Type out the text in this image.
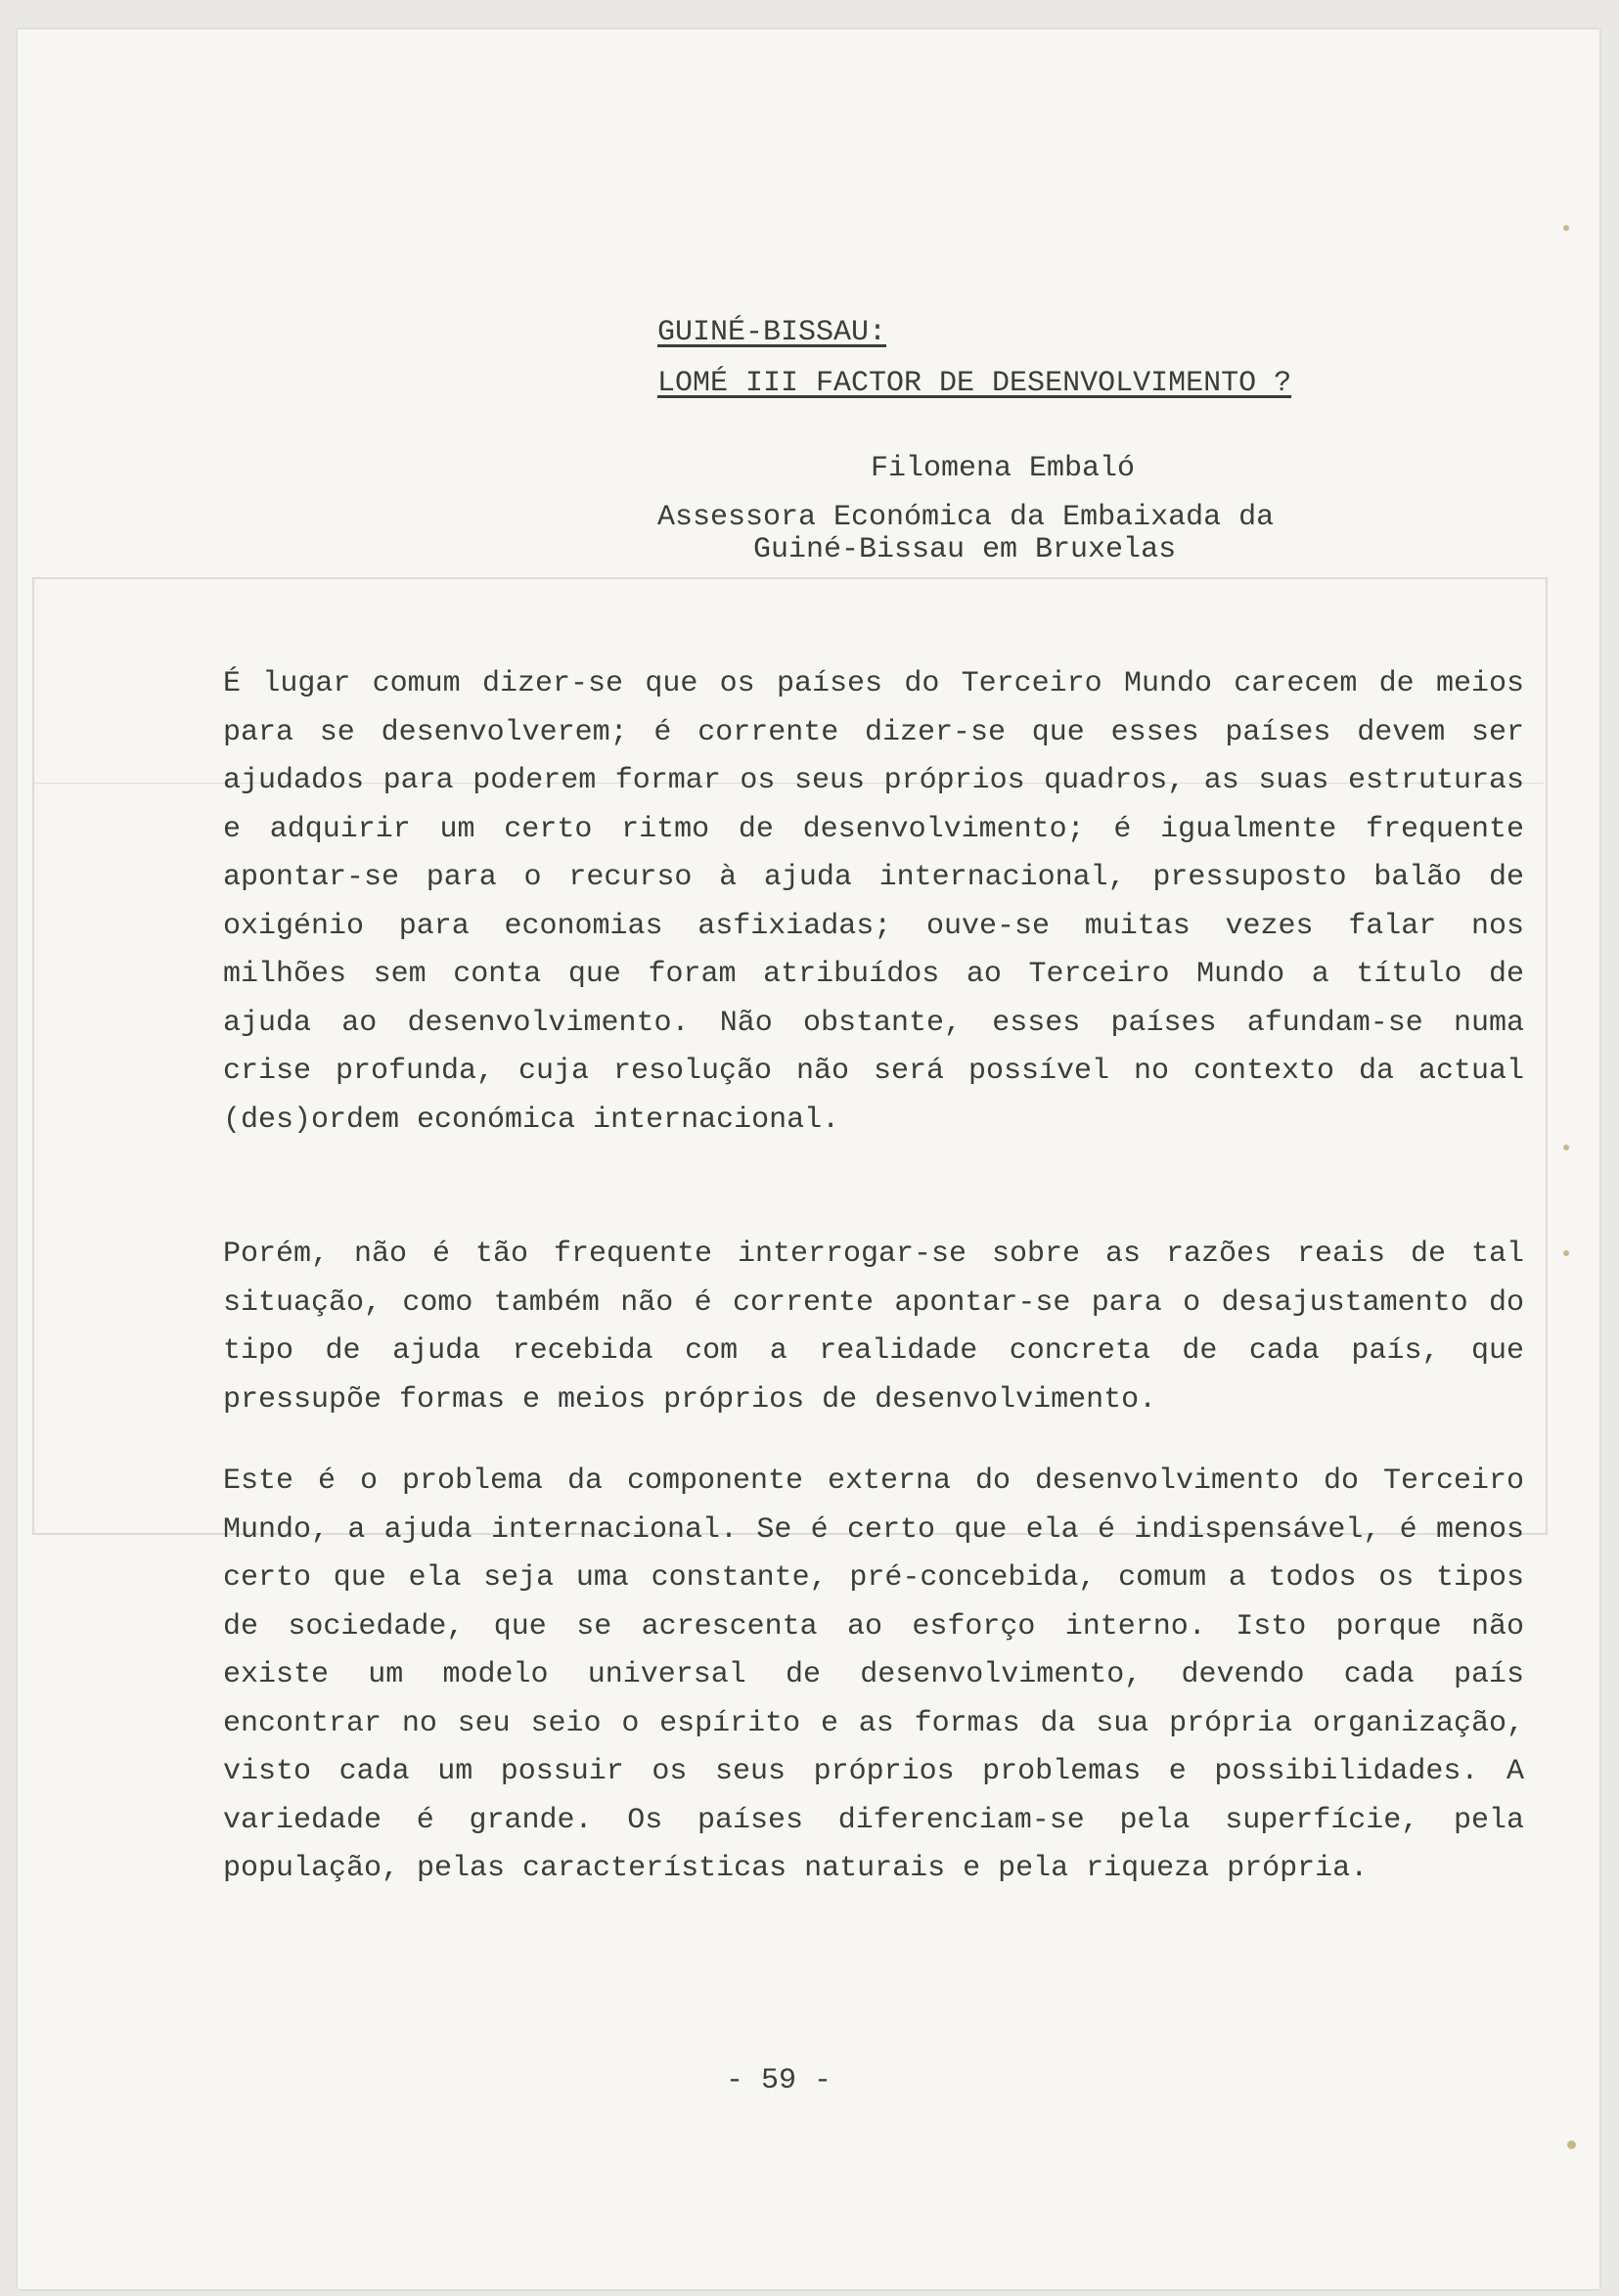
GUINÉ-BISSAU:
LOMÉ III FACTOR DE DESENVOLVIMENTO ?
Filomena Embaló
Assessora Económica da Embaixada da
Guiné-Bissau em Bruxelas

É lugar comum dizer-se que os países do Terceiro Mundo carecem de meios para se desenvolverem; é corrente dizer-se que esses países devem ser ajudados para poderem formar os seus próprios quadros, as suas estruturas e adquirir um certo ritmo de desenvolvimento; é igualmente frequente apontar-se para o recurso à ajuda internacional, pressuposto balão de oxigénio para economias asfixiadas; ouve-se muitas vezes falar nos milhões sem conta que foram atribuídos ao Terceiro Mundo a título de ajuda ao desenvolvimento. Não obstante, esses países afundam-se numa crise profunda, cuja resolução não será possível no contexto da actual (des)ordem económica internacional.

Porém, não é tão frequente interrogar-se sobre as razões reais de tal situação, como também não é corrente apontar-se para o desajustamento do tipo de ajuda recebida com a realidade concreta de cada país, que pressupõe formas e meios próprios de desenvolvimento.

Este é o problema da componente externa do desenvolvimento do Terceiro Mundo, a ajuda internacional. Se é certo que ela é indispensável, é menos certo que ela seja uma constante, pré-concebida, comum a todos os tipos de sociedade, que se acrescenta ao esforço interno. Isto porque não existe um modelo universal de desenvolvimento, devendo cada país encontrar no seu seio o espírito e as formas da sua própria organização, visto cada um possuir os seus próprios problemas e possibilidades. A variedade é grande. Os países diferenciam-se pela superfície, pela população, pelas características naturais e pela riqueza própria.

- 59 -
